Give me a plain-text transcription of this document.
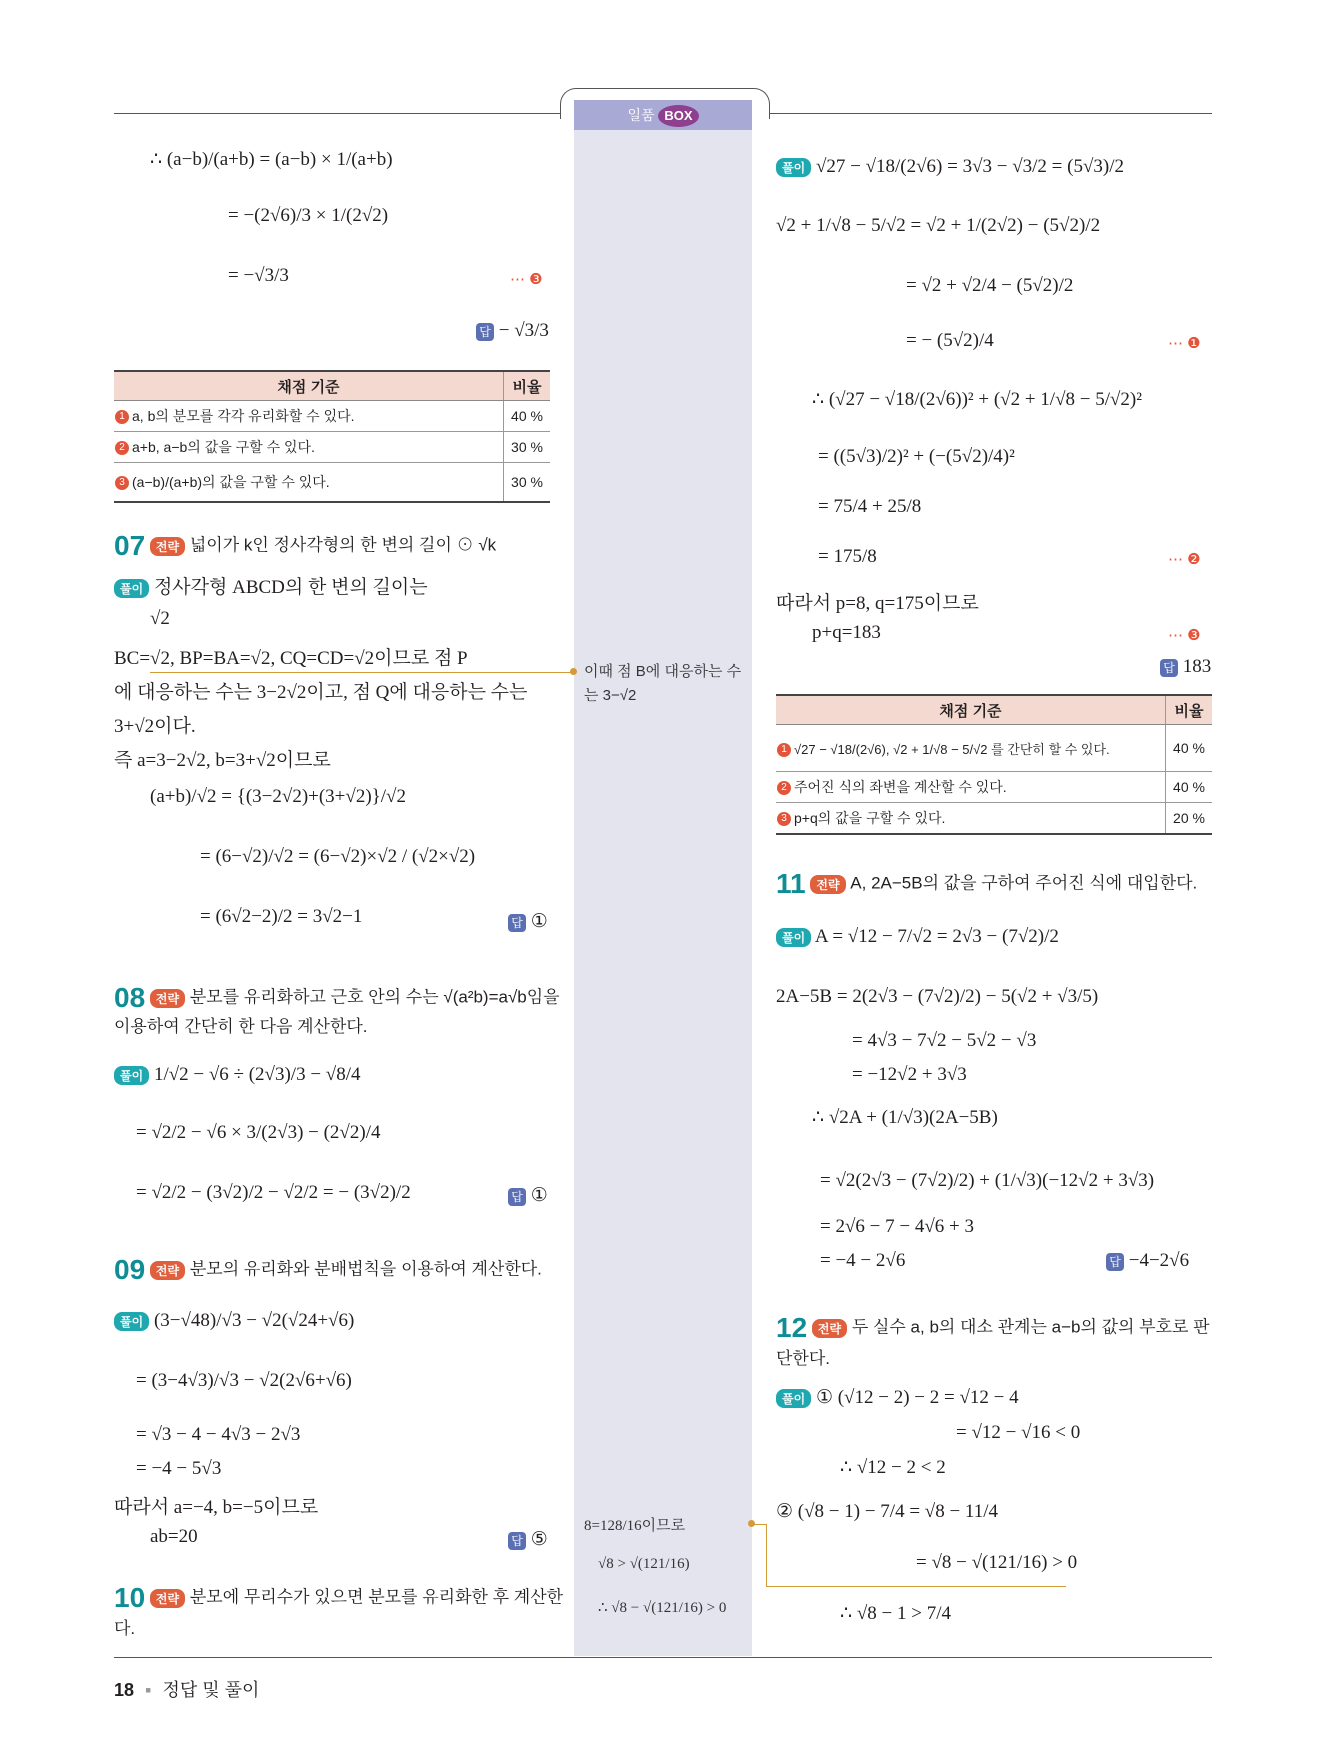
일품 BOX
∴ (a−b)/(a+b) = (a−b) × 1/(a+b)
= −(2√6)/3 × 1/(2√2)
= −√3/3	⋯ ❸
답 − √3/3
채점 기준	비율
1 a, b의 분모를 각각 유리화할 수 있다.	40 %
2 a+b, a−b의 값을 구할 수 있다.	30 %
3 (a−b)/(a+b)의 값을 구할 수 있다.	30 %
07 전략 넓이가 k인 정사각형의 한 변의 길이 ⊙ √k
풀이 정사각형 ABCD의 한 변의 길이는
√2
BC=√2, BP=BA=√2, CQ=CD=√2이므로 점 P
에 대응하는 수는 3−2√2이고, 점 Q에 대응하는 수는
3+√2이다.
즉 a=3−2√2, b=3+√2이므로
(a+b)/√2 = {(3−2√2)+(3+√2)}/√2
= (6−√2)/√2 = (6−√2)×√2 / (√2×√2)
= (6√2−2)/2 = 3√2−1	답 ①
08 전략 분모를 유리화하고 근호 안의 수는 √(a²b)=a√b임을
이용하여 간단히 한 다음 계산한다.
풀이 1/√2 − √6 ÷ (2√3)/3 − √8/4
= √2/2 − √6 × 3/(2√3) − (2√2)/4
= √2/2 − (3√2)/2 − √2/2 = − (3√2)/2	답 ①
09 전략 분모의 유리화와 분배법칙을 이용하여 계산한다.
풀이 (3−√48)/√3 − √2(√24+√6)
= (3−4√3)/√3 − √2(2√6+√6)
= √3 − 4 − 4√3 − 2√3
= −4 − 5√3
따라서 a=−4, b=−5이므로
ab=20	답 ⑤
10 전략 분모에 무리수가 있으면 분모를 유리화한 후 계산한
다.
이때 점 B에 대응하는 수
는 3−√2
8=128/16이므로
√8 > √(121/16)
∴ √8 − √(121/16) > 0
풀이 √27 − √18/(2√6) = 3√3 − √3/2 = (5√3)/2
√2 + 1/√8 − 5/√2 = √2 + 1/(2√2) − (5√2)/2
= √2 + √2/4 − (5√2)/2
= − (5√2)/4	⋯ ❶
∴ (√27 − √18/(2√6))² + (√2 + 1/√8 − 5/√2)²
= ((5√3)/2)² + (−(5√2)/4)²
= 75/4 + 25/8
= 175/8	⋯ ❷
따라서 p=8, q=175이므로
p+q=183	⋯ ❸
답 183
채점 기준	비율
1 √27 − √18/(2√6), √2 + 1/√8 − 5/√2 를 간단히 할 수 있다.	40 %
2 주어진 식의 좌변을 계산할 수 있다.	40 %
3 p+q의 값을 구할 수 있다.	20 %
11 전략 A, 2A−5B의 값을 구하여 주어진 식에 대입한다.
풀이 A = √12 − 7/√2 = 2√3 − (7√2)/2
2A−5B = 2(2√3 − (7√2)/2) − 5(√2 + √3/5)
= 4√3 − 7√2 − 5√2 − √3
= −12√2 + 3√3
∴ √2A + (1/√3)(2A−5B)
= √2(2√3 − (7√2)/2) + (1/√3)(−12√2 + 3√3)
= 2√6 − 7 − 4√6 + 3
= −4 − 2√6	답 −4−2√6
12 전략 두 실수 a, b의 대소 관계는 a−b의 값의 부호로 판
단한다.
풀이 ① (√12 − 2) − 2 = √12 − 4
= √12 − √16 < 0
∴ √12 − 2 < 2
② (√8 − 1) − 7/4 = √8 − 11/4
= √8 − √(121/16) > 0
∴ √8 − 1 > 7/4
18 ▪ 정답 및 풀이
